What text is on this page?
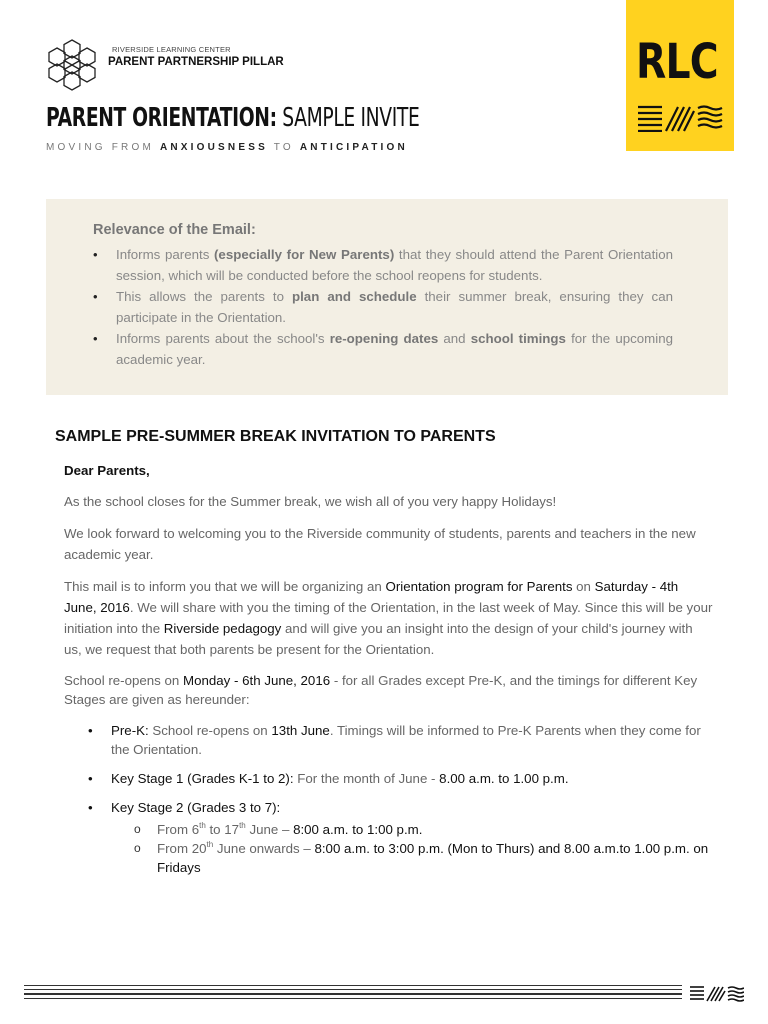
RIVERSIDE LEARNING CENTER
PARENT PARTNERSHIP PILLAR
PARENT ORIENTATION: SAMPLE INVITE
MOVING FROM ANXIOUSNESS TO ANTICIPATION
RLC
Relevance of the Email:
• Informs parents (especially for New Parents) that they should attend the Parent Orientation session, which will be conducted before the school reopens for students.
• This allows the parents to plan and schedule their summer break, ensuring they can participate in the Orientation.
• Informs parents about the school's re-opening dates and school timings for the upcoming academic year.
SAMPLE PRE-SUMMER BREAK INVITATION TO PARENTS

Dear Parents,

As the school closes for the Summer break, we wish all of you very happy Holidays!

We look forward to welcoming you to the Riverside community of students, parents and teachers in the new academic year.

This mail is to inform you that we will be organizing an Orientation program for Parents on Saturday - 4th June, 2016. We will share with you the timing of the Orientation, in the last week of May. Since this will be your initiation into the Riverside pedagogy and will give you an insight into the design of your child's journey with us, we request that both parents be present for the Orientation.

School re-opens on Monday - 6th June, 2016 - for all Grades except Pre-K, and the timings for different Key Stages are given as hereunder:

• Pre-K: School re-opens on 13th June. Timings will be informed to Pre-K Parents when they come for the Orientation.
• Key Stage 1 (Grades K-1 to 2): For the month of June - 8.00 a.m. to 1.00 p.m.
• Key Stage 2 (Grades 3 to 7):
o From 6th to 17th June – 8:00 a.m. to 1:00 p.m.
o From 20th June onwards – 8:00 a.m. to 3:00 p.m. (Mon to Thurs) and 8.00 a.m.to 1.00 p.m. on Fridays
